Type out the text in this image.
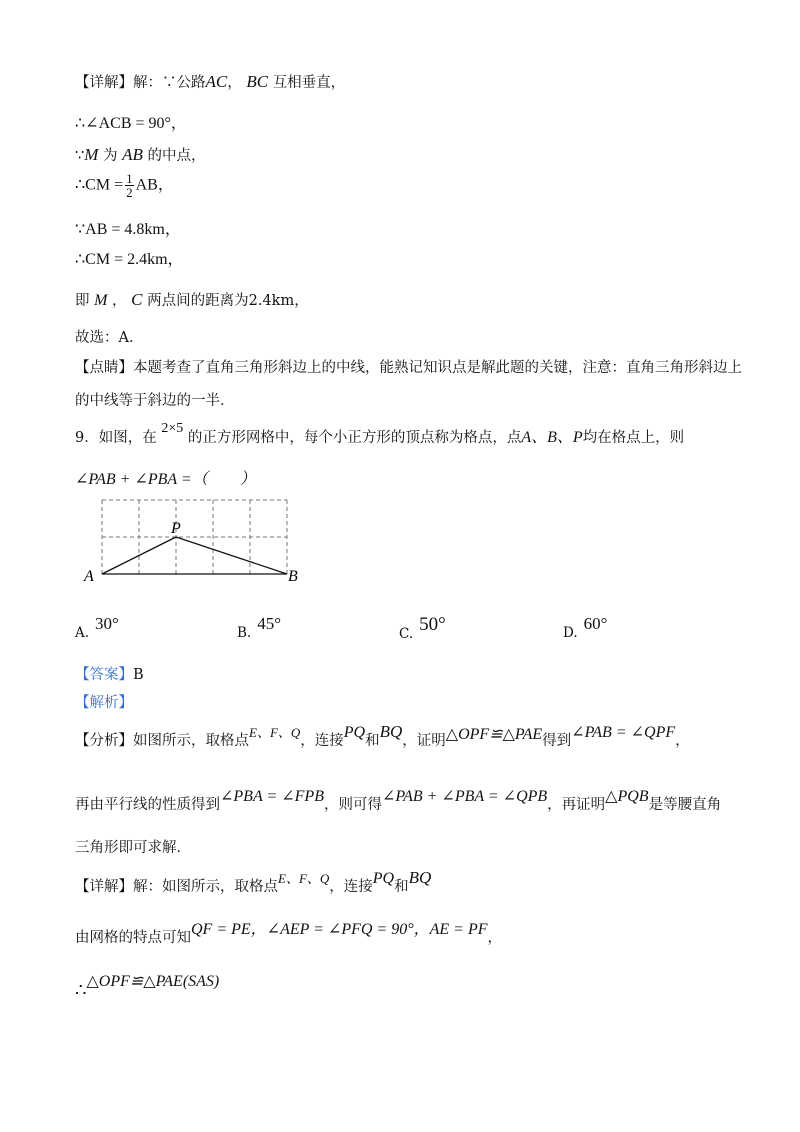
【详解】解：∵公路AC， BC 互相垂直，
∴∠ACB = 90°，
∵M 为 AB 的中点，
∴CM = $\frac{1}{2}$ AB，
∵AB = 4.8km，
∴CM = 2.4km，
即 M ， C 两点间的距离为2.4km，
故选：A．
【点睛】本题考查了直角三角形斜边上的中线，能熟记知识点是解此题的关键，注意：直角三角形斜边上
的中线等于斜边的一半．
9．如图，在 2×5 的正方形网格中，每个小正方形的顶点称为格点，点A、B、P均在格点上，则
∠PAB + ∠PBA =（　　）
A	B
P
A. 30°	B. 45°
C. 50°	D. 60°
【答案】B
【解析】
【分析】如图所示，取格点E、F、Q，连接PQ和BQ，证明△OPF≌△PAE得到∠PAB = ∠QPF，
再由平行线的性质得到∠PBA = ∠FPB，则可得∠PAB + ∠PBA = ∠QPB，再证明△PQB是等腰直角
三角形即可求解．
【详解】解：如图所示，取格点E、F、Q，连接PQ和BQ
由网格的特点可知QF = PE，∠AEP = ∠PFQ = 90°，AE = PF，
∴△OPF≌△PAE(SAS)
